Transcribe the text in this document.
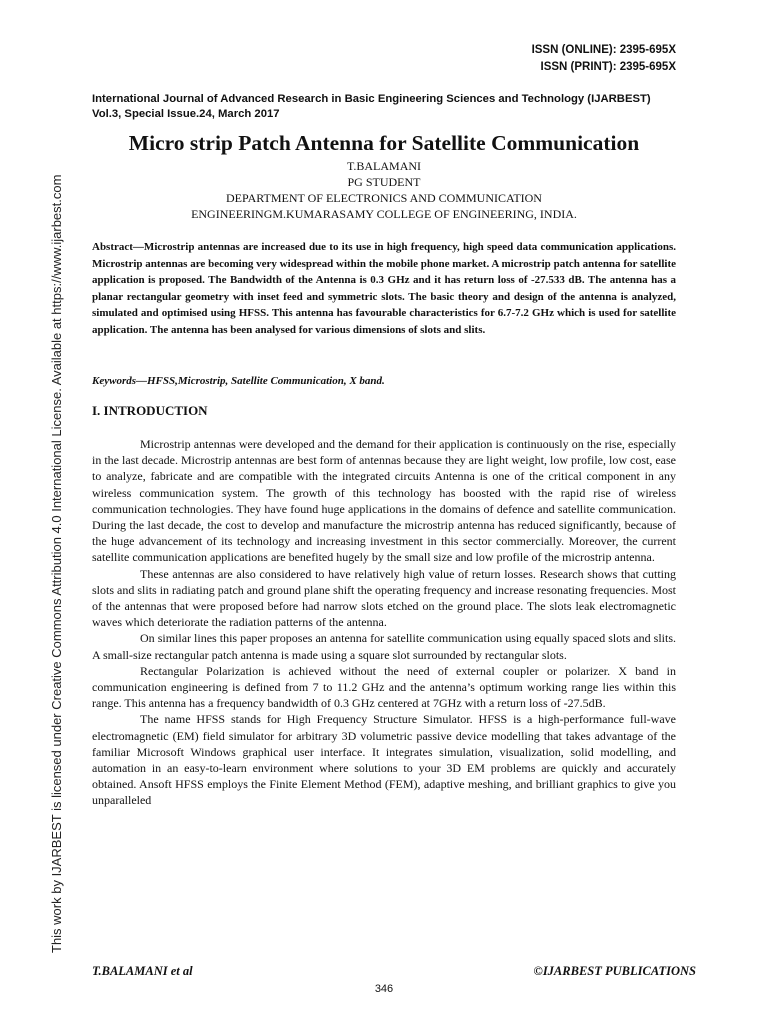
This work by IJARBEST is licensed under Creative Commons Attribution 4.0 International License. Available at https://www.ijarbest.com
ISSN (ONLINE): 2395-695X
ISSN (PRINT): 2395-695X
International Journal of Advanced Research in Basic Engineering Sciences and Technology (IJARBEST)
Vol.3, Special Issue.24, March 2017
Micro strip Patch Antenna for Satellite Communication
T.BALAMANI
PG STUDENT
DEPARTMENT OF ELECTRONICS AND COMMUNICATION
ENGINEERINGM.KUMARASAMY COLLEGE OF ENGINEERING, INDIA.

Abstract—Microstrip antennas are increased due to its use in high frequency, high speed data communication applications. Microstrip antennas are becoming very widespread within the mobile phone market. A microstrip patch antenna for satellite application is proposed. The Bandwidth of the Antenna is 0.3 GHz and it has return loss of -27.533 dB. The antenna has a planar rectangular geometry with inset feed and symmetric slots. The basic theory and design of the antenna is analyzed, simulated and optimised using HFSS. This antenna has favourable characteristics for 6.7-7.2 GHz which is used for satellite application. The antenna has been analysed for various dimensions of slots and slits.

Keywords—HFSS,Microstrip, Satellite Communication, X band.

I. INTRODUCTION

Microstrip antennas were developed and the demand for their application is continuously on the rise, especially in the last decade. Microstrip antennas are best form of antennas because they are light weight, low profile, low cost, ease to analyze, fabricate and are compatible with the integrated circuits Antenna is one of the critical component in any wireless communication system. The growth of this technology has boosted with the rapid rise of wireless communication technologies. They have found huge applications in the domains of defence and satellite communication. During the last decade, the cost to develop and manufacture the microstrip antenna has reduced significantly, because of the huge advancement of its technology and increasing investment in this sector commercially. Moreover, the current satellite communication applications are benefited hugely by the small size and low profile of the microstrip antenna.

These antennas are also considered to have relatively high value of return losses. Research shows that cutting slots and slits in radiating patch and ground plane shift the operating frequency and increase resonating frequencies. Most of the antennas that were proposed before had narrow slots etched on the ground place. The slots leak electromagnetic waves which deteriorate the radiation patterns of the antenna.

On similar lines this paper proposes an antenna for satellite communication using equally spaced slots and slits. A small-size rectangular patch antenna is made using a square slot surrounded by rectangular slots.

Rectangular Polarization is achieved without the need of external coupler or polarizer. X band in communication engineering is defined from 7 to 11.2 GHz and the antenna’s optimum working range lies within this range. This antenna has a frequency bandwidth of 0.3 GHz centered at 7GHz with a return loss of -27.5dB.

The name HFSS stands for High Frequency Structure Simulator. HFSS is a high-performance full-wave electromagnetic (EM) field simulator for arbitrary 3D volumetric passive device modelling that takes advantage of the familiar Microsoft Windows graphical user interface. It integrates simulation, visualization, solid modelling, and automation in an easy-to-learn environment where solutions to your 3D EM problems are quickly and accurately obtained. Ansoft HFSS employs the Finite Element Method (FEM), adaptive meshing, and brilliant graphics to give you unparalleled

T.BALAMANI et al	©IJARBEST PUBLICATIONS
346
